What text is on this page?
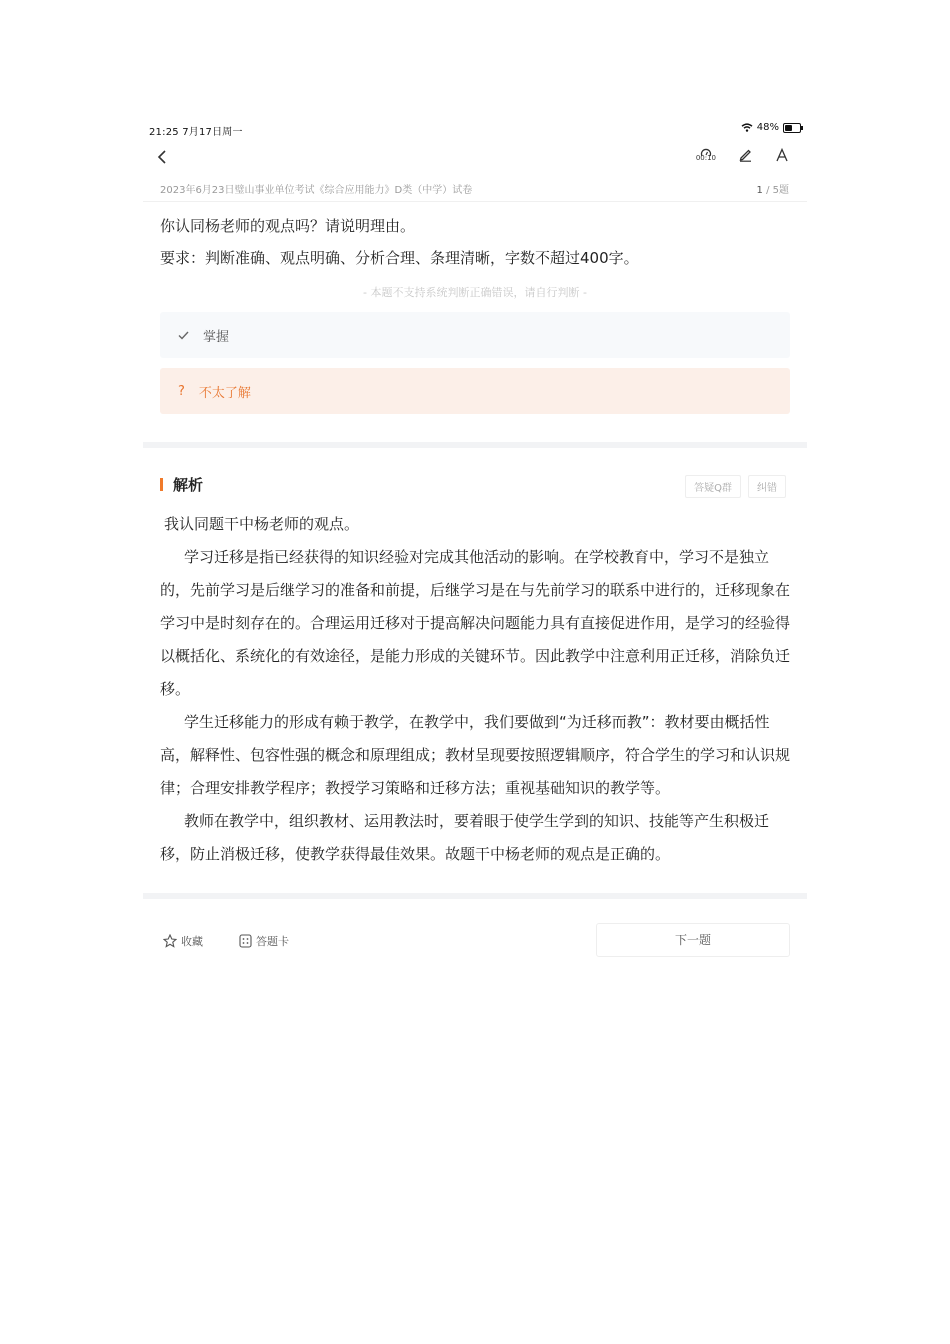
21:25 7月17日周一	48%
00:10
2023年6月23日璧山事业单位考试《综合应用能力》D类（中学）试卷	1 / 5题
你认同杨老师的观点吗？请说明理由。
要求：判断准确、观点明确、分析合理、条理清晰，字数不超过400字。
- 本题不支持系统判断正确错误，请自行判断 -
掌握
? 不太了解
解析	答疑Q群	纠错

我认同题干中杨老师的观点。

学习迁移是指已经获得的知识经验对完成其他活动的影响。在学校教育中，学习不是独立的，先前学习是后继学习的准备和前提，后继学习是在与先前学习的联系中进行的，迁移现象在学习中是时刻存在的。合理运用迁移对于提高解决问题能力具有直接促进作用，是学习的经验得以概括化、系统化的有效途径，是能力形成的关键环节。因此教学中注意利用正迁移，消除负迁移。

学生迁移能力的形成有赖于教学，在教学中，我们要做到“为迁移而教”：教材要由概括性高，解释性、包容性强的概念和原理组成；教材呈现要按照逻辑顺序，符合学生的学习和认识规律；合理安排教学程序；教授学习策略和迁移方法；重视基础知识的教学等。

教师在教学中，组织教材、运用教法时，要着眼于使学生学到的知识、技能等产生积极迁移，防止消极迁移，使教学获得最佳效果。故题干中杨老师的观点是正确的。

收藏	答题卡	下一题
